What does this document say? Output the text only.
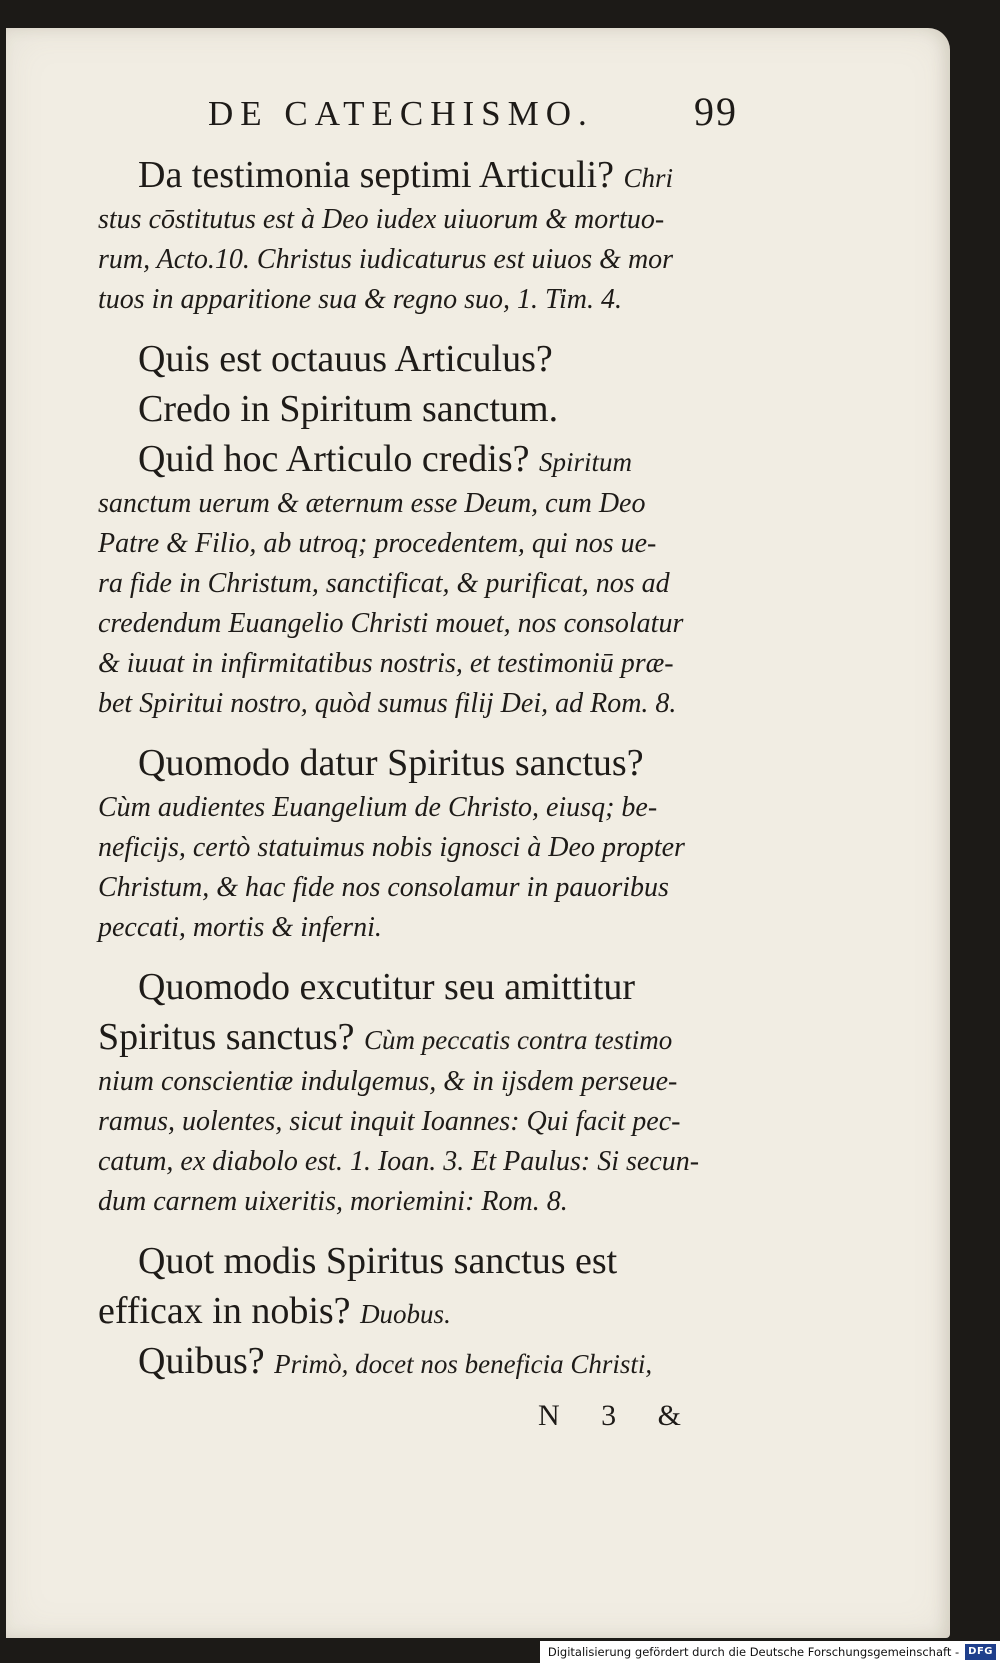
DE CATECHISMO.	99
Da testimonia septimi Articuli? Chri
stus cōstitutus est à Deo iudex uiuorum & mortuo-
rum, Acto.10. Christus iudicaturus est uiuos & mor
tuos in apparitione sua & regno suo, 1. Tim. 4.
Quis est octauus Articulus?
Credo in Spiritum sanctum.
Quid hoc Articulo credis? Spiritum
sanctum uerum & æternum esse Deum, cum Deo
Patre & Filio, ab utroq; procedentem, qui nos ue-
ra fide in Christum, sanctificat, & purificat, nos ad
credendum Euangelio Christi mouet, nos consolatur
& iuuat in infirmitatibus nostris, et testimoniū præ-
bet Spiritui nostro, quòd sumus filij Dei, ad Rom. 8.
Quomodo datur Spiritus sanctus?
Cùm audientes Euangelium de Christo, eiusq; be-
neficijs, certò statuimus nobis ignosci à Deo propter
Christum, & hac fide nos consolamur in pauoribus
peccati, mortis & inferni.
Quomodo excutitur seu amittitur
Spiritus sanctus? Cùm peccatis contra testimo
nium conscientiæ indulgemus, & in ijsdem perseue-
ramus, uolentes, sicut inquit Ioannes: Qui facit pec-
catum, ex diabolo est. 1. Ioan. 3. Et Paulus: Si secun-
dum carnem uixeritis, moriemini: Rom. 8.
Quot modis Spiritus sanctus est
efficax in nobis? Duobus.
Quibus? Primò, docet nos beneficia Christi,
N 3 &
Digitalisierung gefördert durch die Deutsche Forschungsgemeinschaft - DFG
